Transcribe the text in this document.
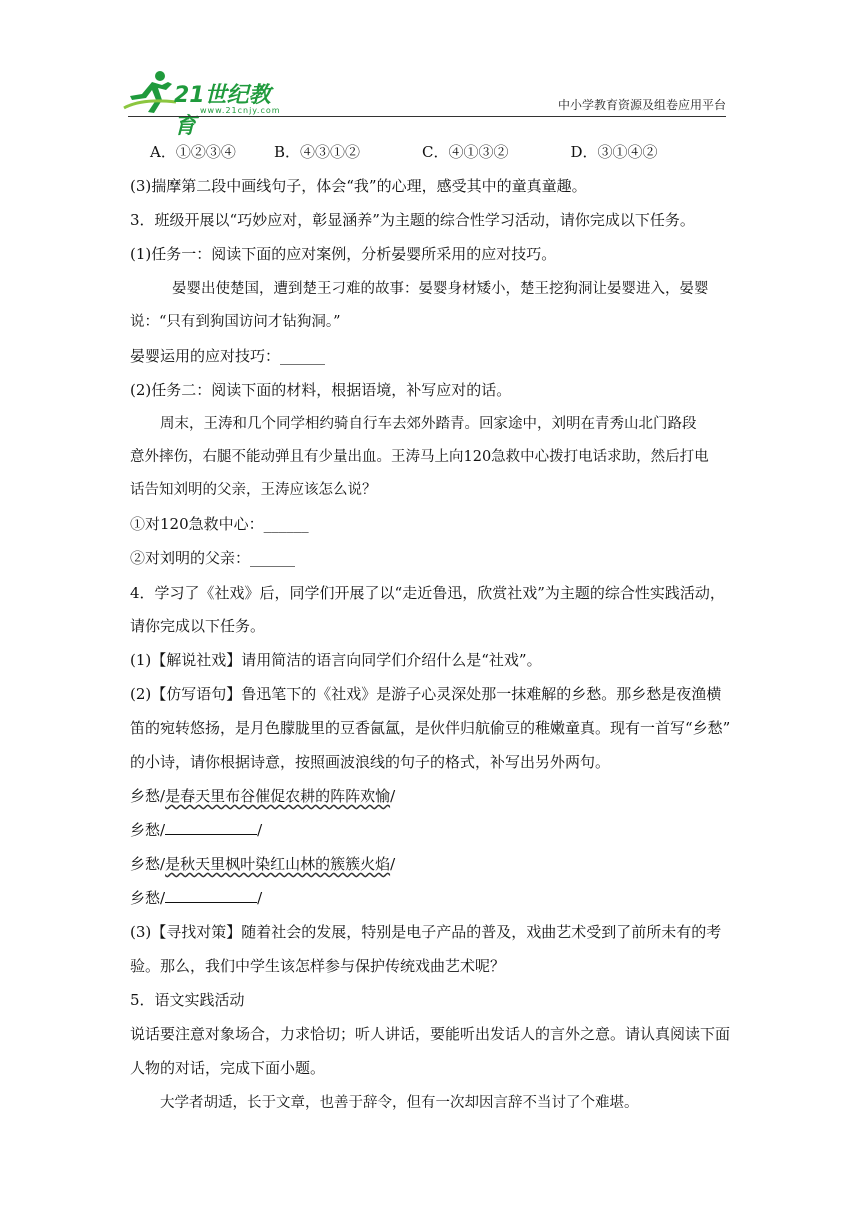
21世纪教育
www.21cnjy.com	中小学教育资源及组卷应用平台
A．①②③④        B．④③①②             C．④①③②             D．③①④②
(3)揣摩第二段中画线句子，体会“我”的心理，感受其中的童真童趣。
3．班级开展以“巧妙应对，彰显涵养”为主题的综合性学习活动，请你完成以下任务。
(1)任务一：阅读下面的应对案例，分析晏婴所采用的应对技巧。
晏婴出使楚国，遭到楚王刁难的故事：晏婴身材矮小，楚王挖狗洞让晏婴进入，晏婴
说：“只有到狗国访问才钻狗洞。”
晏婴运用的应对技巧：______
(2)任务二：阅读下面的材料，根据语境，补写应对的话。
周末，王涛和几个同学相约骑自行车去郊外踏青。回家途中，刘明在青秀山北门路段
意外摔伤，右腿不能动弹且有少量出血。王涛马上向120急救中心拨打电话求助，然后打电
话告知刘明的父亲，王涛应该怎么说？
①对120急救中心：______
②对刘明的父亲：______
4．学习了《社戏》后，同学们开展了以“走近鲁迅，欣赏社戏”为主题的综合性实践活动，
请你完成以下任务。
(1)【解说社戏】请用简洁的语言向同学们介绍什么是“社戏”。
(2)【仿写语句】鲁迅笔下的《社戏》是游子心灵深处那一抹难解的乡愁。那乡愁是夜渔横
笛的宛转悠扬，是月色朦胧里的豆香氤氲，是伙伴归航偷豆的稚嫩童真。现有一首写“乡愁”
的小诗，请你根据诗意，按照画波浪线的句子的格式，补写出另外两句。
乡愁/是春天里布谷催促农耕的阵阵欢愉/
乡愁/	/
乡愁/是秋天里枫叶染红山林的簇簇火焰/
乡愁/	/
(3)【寻找对策】随着社会的发展，特别是电子产品的普及，戏曲艺术受到了前所未有的考
验。那么，我们中学生该怎样参与保护传统戏曲艺术呢？
5．语文实践活动
说话要注意对象场合，力求恰切；听人讲话，要能听出发话人的言外之意。请认真阅读下面
人物的对话，完成下面小题。
大学者胡适，长于文章，也善于辞令，但有一次却因言辞不当讨了个难堪。
